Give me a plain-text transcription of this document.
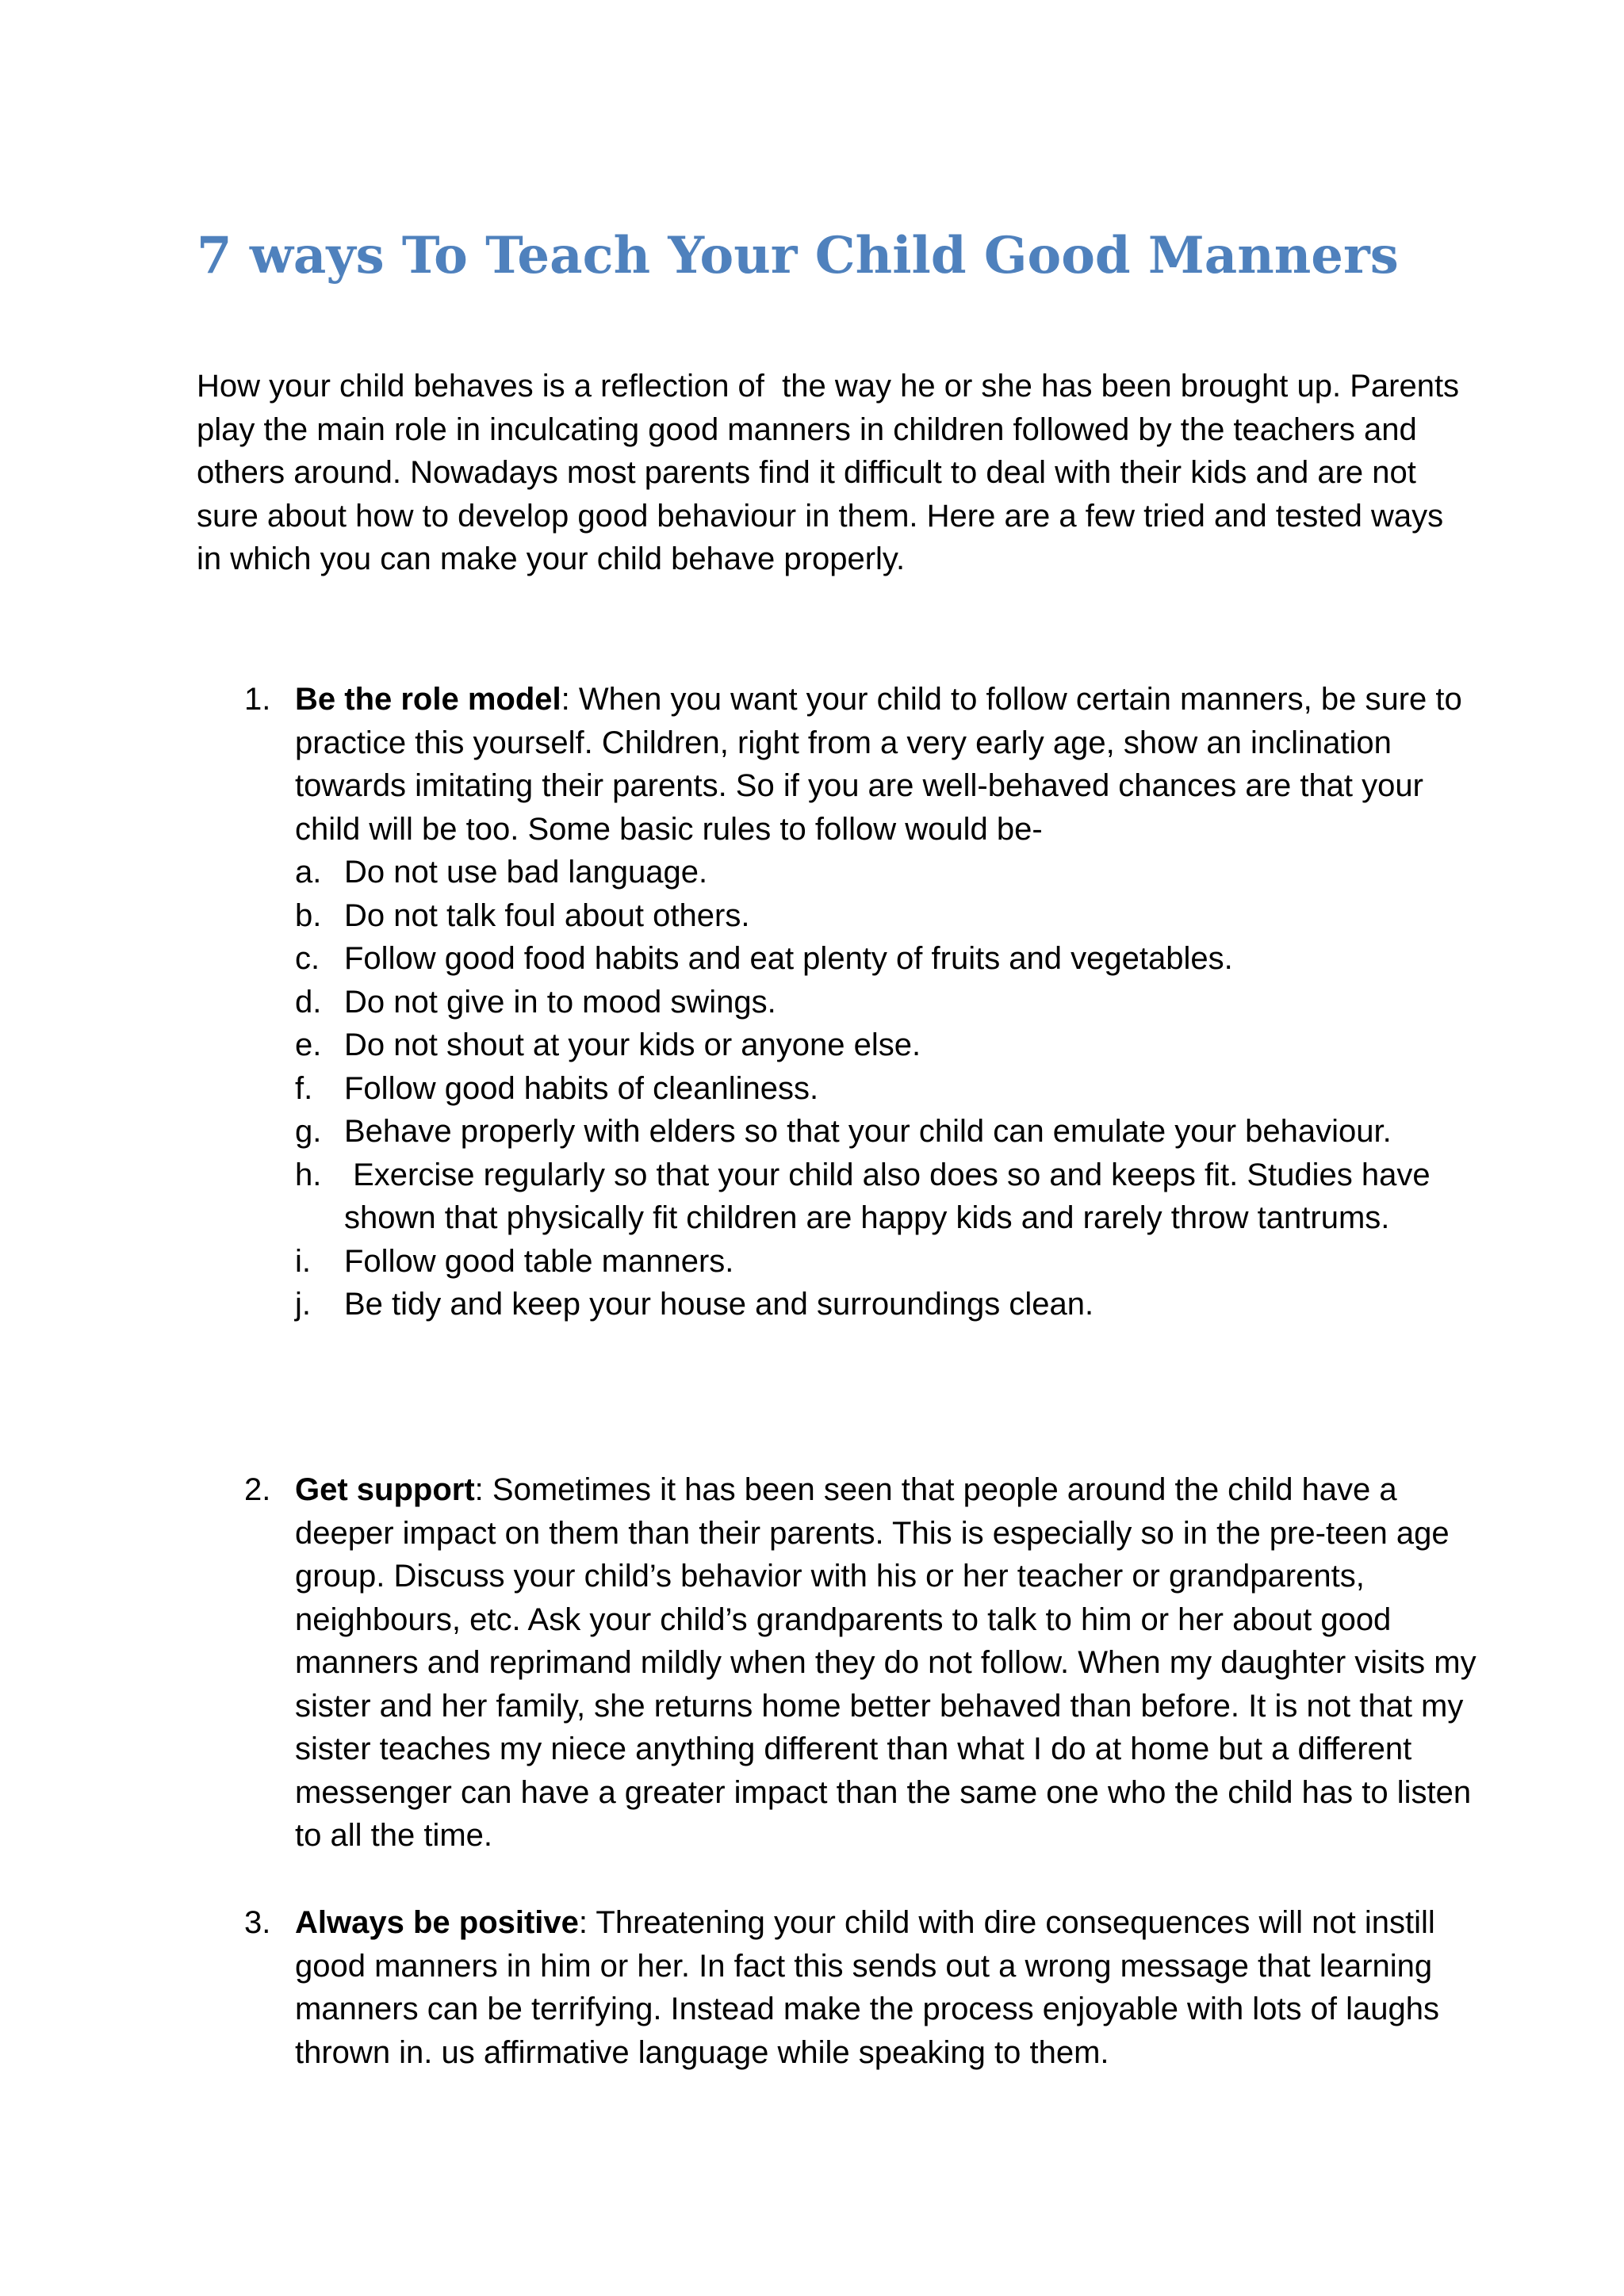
7 ways To Teach Your Child Good Manners

How your child behaves is a reflection of  the way he or she has been brought up. Parents play the main role in inculcating good manners in children followed by the teachers and others around. Nowadays most parents find it difficult to deal with their kids and are not sure about how to develop good behaviour in them. Here are a few tried and tested ways in which you can make your child behave properly.

1. Be the role model: When you want your child to follow certain manners, be sure to practice this yourself. Children, right from a very early age, show an inclination towards imitating their parents. So if you are well-behaved chances are that your child will be too. Some basic rules to follow would be-
a. Do not use bad language.
b. Do not talk foul about others.
c. Follow good food habits and eat plenty of fruits and vegetables.
d. Do not give in to mood swings.
e. Do not shout at your kids or anyone else.
f. Follow good habits of cleanliness.
g. Behave properly with elders so that your child can emulate your behaviour.
h. Exercise regularly so that your child also does so and keeps fit. Studies have shown that physically fit children are happy kids and rarely throw tantrums.
i. Follow good table manners.
j. Be tidy and keep your house and surroundings clean.
2. Get support: Sometimes it has been seen that people around the child have a deeper impact on them than their parents. This is especially so in the pre-teen age group. Discuss your child’s behavior with his or her teacher or grandparents, neighbours, etc. Ask your child’s grandparents to talk to him or her about good manners and reprimand mildly when they do not follow. When my daughter visits my sister and her family, she returns home better behaved than before. It is not that my sister teaches my niece anything different than what I do at home but a different messenger can have a greater impact than the same one who the child has to listen to all the time.
3. Always be positive: Threatening your child with dire consequences will not instill good manners in him or her. In fact this sends out a wrong message that learning manners can be terrifying. Instead make the process enjoyable with lots of laughs thrown in. us affirmative language while speaking to them.
